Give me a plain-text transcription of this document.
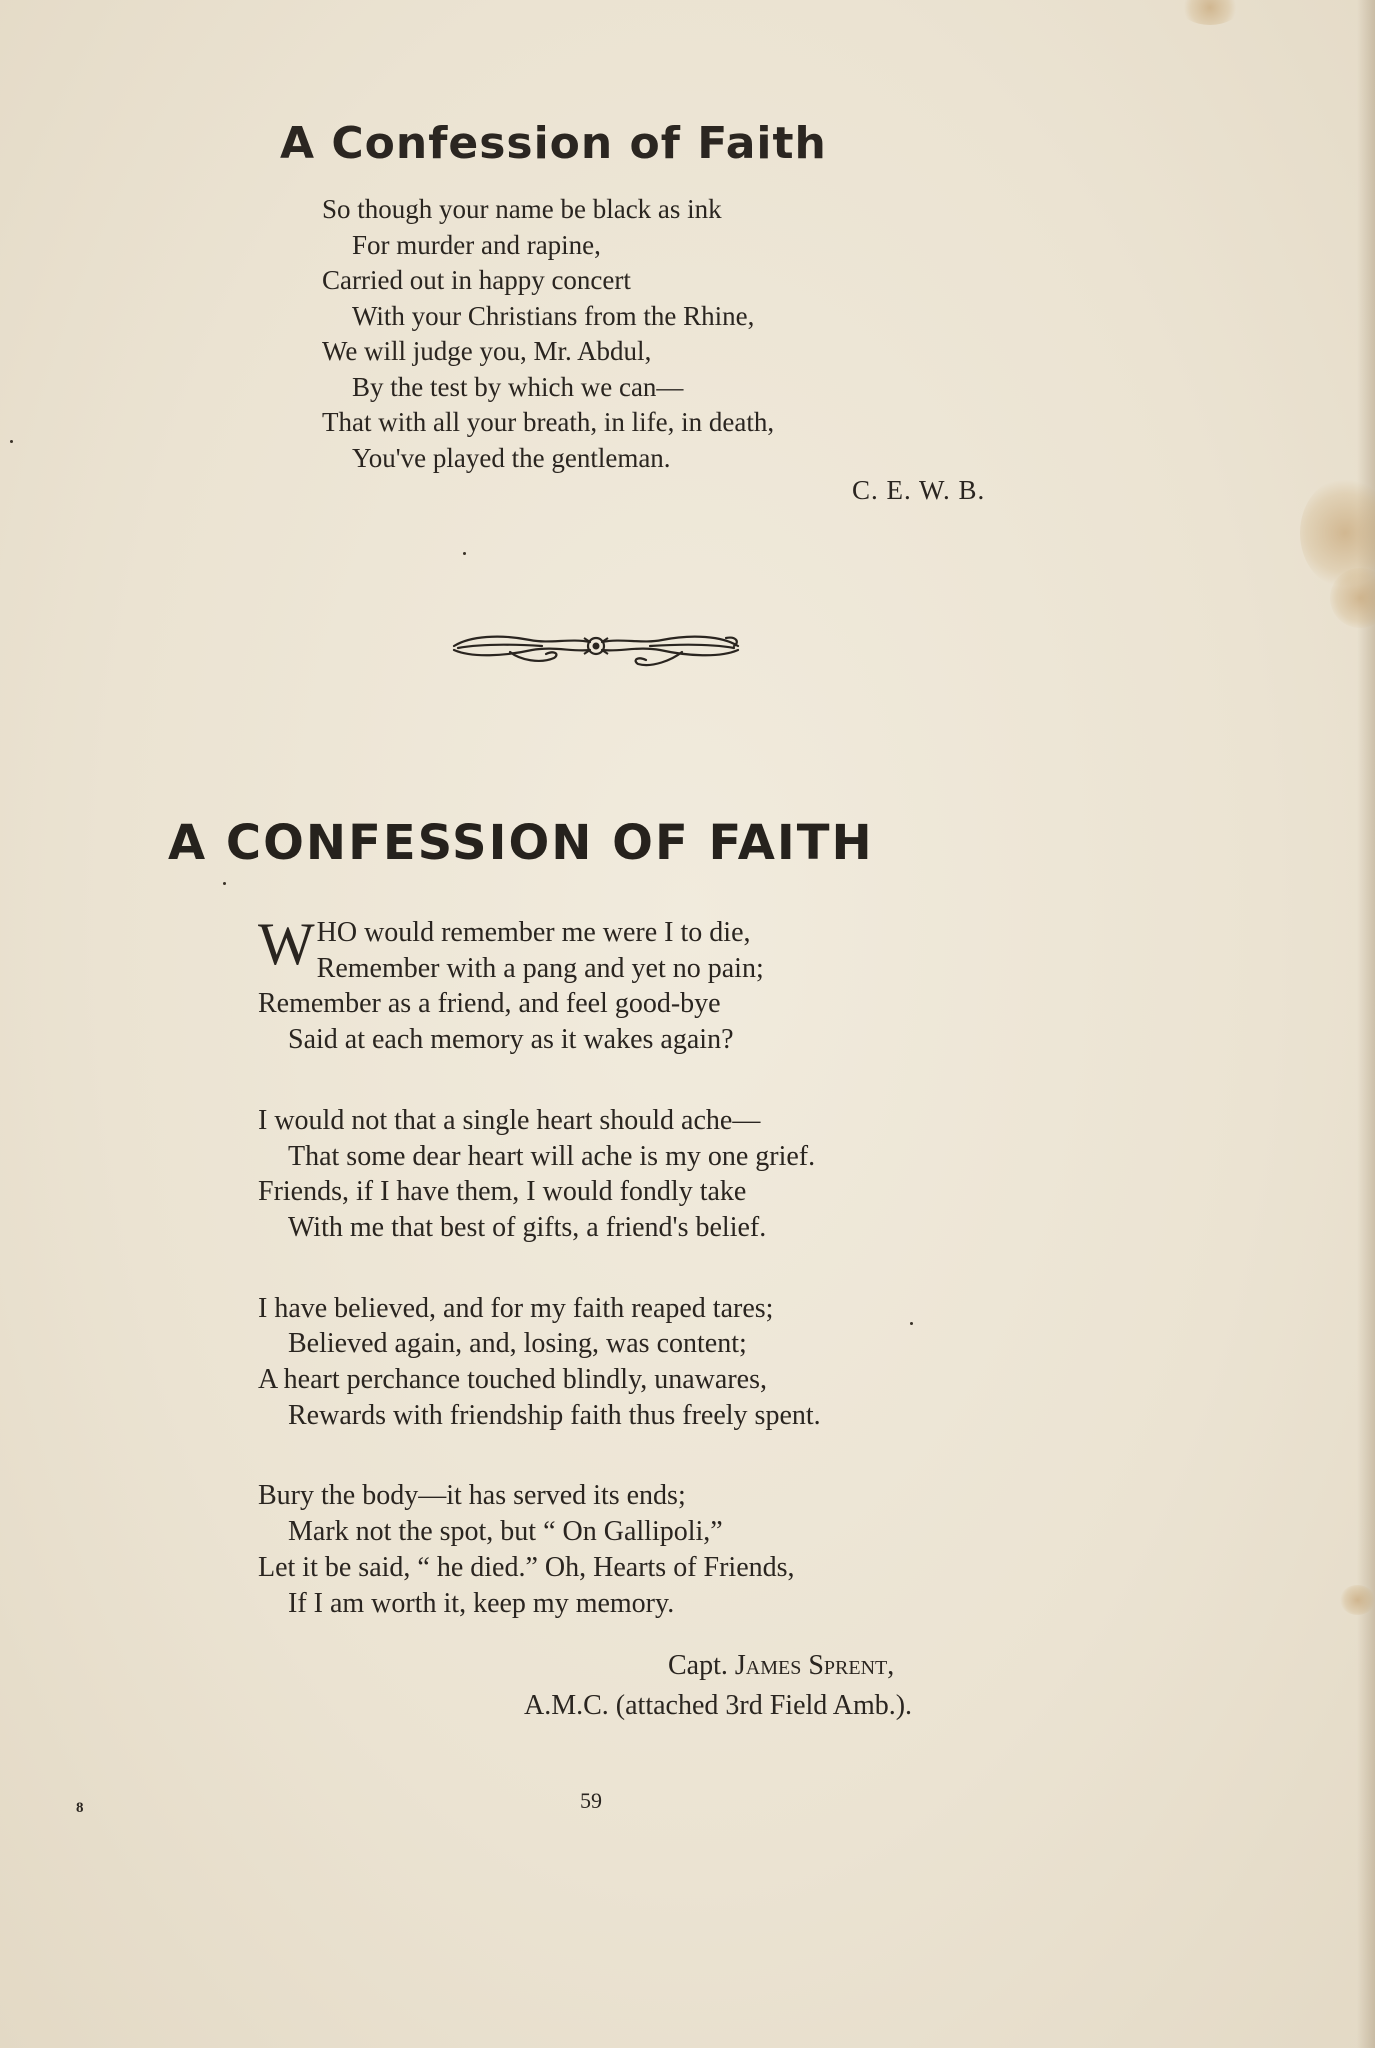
A Confession of Faith
So though your name be black as ink
For murder and rapine,
Carried out in happy concert
With your Christians from the Rhine,
We will judge you, Mr. Abdul,
By the test by which we can—
That with all your breath, in life, in death,
You've played the gentleman.
C. E. W. B.
A CONFESSION OF FAITH
W HO would remember me were I to die,
Remember with a pang and yet no pain;
Remember as a friend, and feel good-bye
Said at each memory as it wakes again?
I would not that a single heart should ache—
That some dear heart will ache is my one grief.
Friends, if I have them, I would fondly take
With me that best of gifts, a friend's belief.
I have believed, and for my faith reaped tares;
Believed again, and, losing, was content;
A heart perchance touched blindly, unawares,
Rewards with friendship faith thus freely spent.
Bury the body—it has served its ends;
Mark not the spot, but “ On Gallipoli,”
Let it be said, “ he died.” Oh, Hearts of Friends,
If I am worth it, keep my memory.
Capt. James Sprent,
A.M.C. (attached 3rd Field Amb.).
59
8
